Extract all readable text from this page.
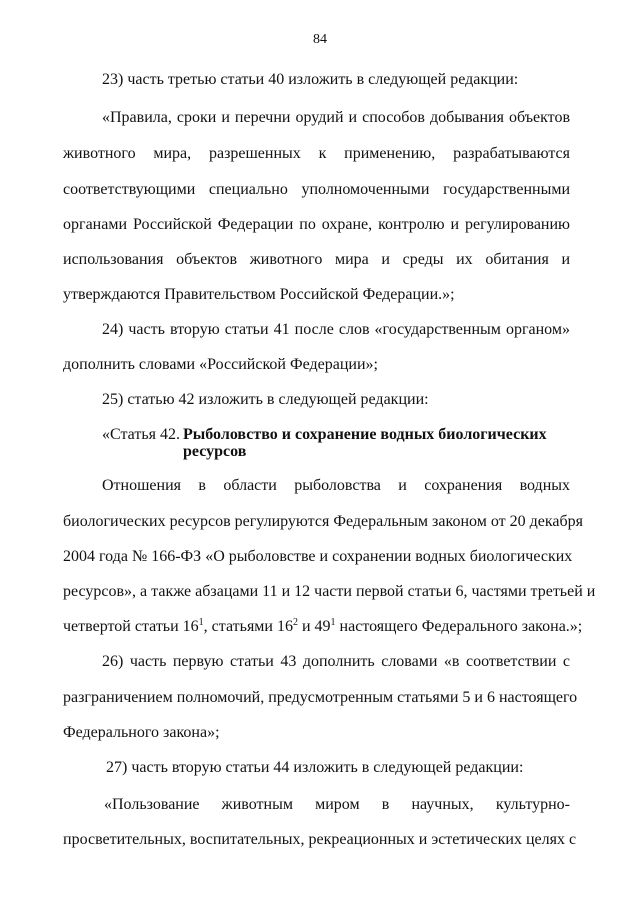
84
23) часть третью статьи 40 изложить в следующей редакции:
«Правила, сроки и перечни орудий и способов добывания объектов
животного мира, разрешенных к применению, разрабатываются
соответствующими специально уполномоченными государственными
органами Российской Федерации по охране, контролю и регулированию
использования объектов животного мира и среды их обитания и
утверждаются Правительством Российской Федерации.»;
24) часть вторую статьи 41 после слов «государственным органом»
дополнить словами «Российской Федерации»;
25) статью 42 изложить в следующей редакции:
«Статья 42. Рыболовство и сохранение водных биологических
ресурсов
Отношения в области рыболовства и сохранения водных
биологических ресурсов регулируются Федеральным законом от 20 декабря
2004 года № 166-ФЗ «О рыболовстве и сохранении водных биологических
ресурсов», а также абзацами 11 и 12 части первой статьи 6, частями третьей и
четвертой статьи $16^1$, статьями $16^2$ и $49^1$ настоящего Федерального закона.»;
26) часть первую статьи 43 дополнить словами «в соответствии с
разграничением полномочий, предусмотренным статьями 5 и 6 настоящего
Федерального закона»;
27) часть вторую статьи 44 изложить в следующей редакции:
«Пользование животным миром в научных, культурно-
просветительных, воспитательных, рекреационных и эстетических целях с
